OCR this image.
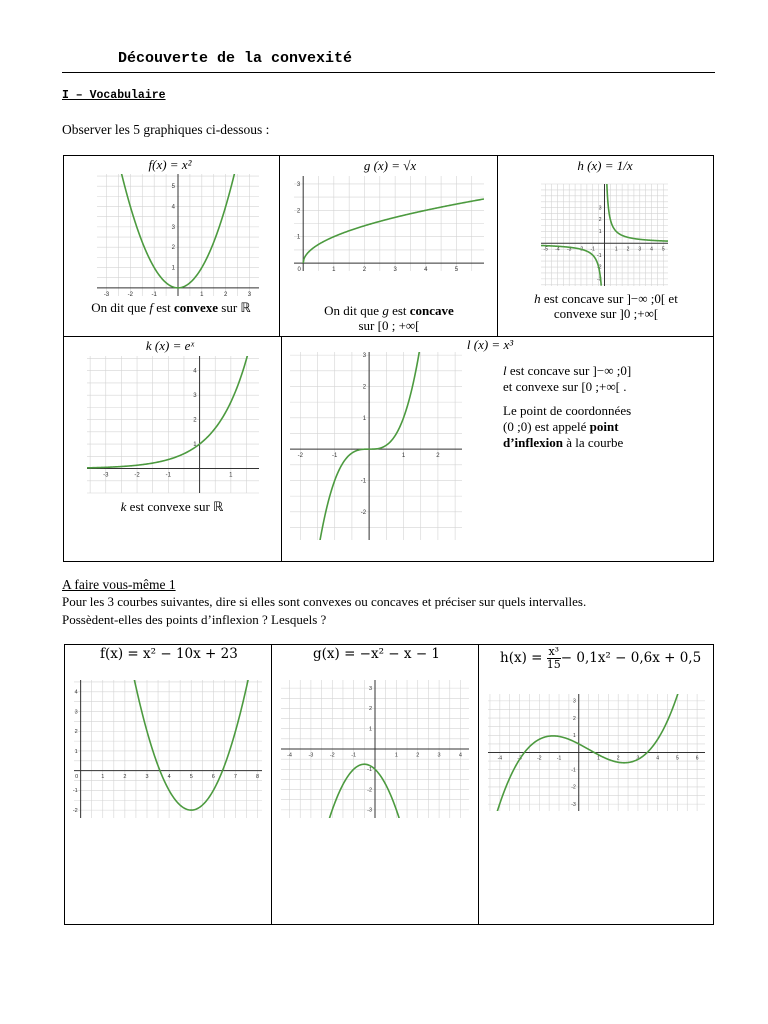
Découverte de la convexité
I – Vocabulaire
Observer les 5 graphiques ci-dessous :
f(x) = x²
-3	-2	-1	1	2	3
1
2
3
4
5
On dit que f est convexe sur ℝ
g (x) = √x
0	1	2	3	4	5
1
2
3
On dit que g est concave
sur [0 ; +∞[
h (x) = 1/x
-5 -4 -3 -2 -1	1 2 3 4 5
-3
-2
-1
1
2
3
h est concave sur ]−∞ ;0[ et
convexe sur ]0 ;+∞[
k (x) = eˣ
-3	-2	-1	1
1
2
3
4
k est convexe sur ℝ
l (x) = x³
-2	-1	1	2
-2
-1
1
2
3
l est concave sur ]−∞ ;0]
et convexe sur [0 ;+∞[ .
Le point de coordonnées
(0 ;0) est appelé point
d’inflexion à la courbe
A faire vous-même 1
Pour les 3 courbes suivantes, dire si elles sont convexes ou concaves et préciser sur quels intervalles.
Possèdent-elles des points d’inflexion ? Lesquels ?
f(x) = x² − 10x + 23
0	1	2	3	4	5	6	7	8
-2
-1
1
2
3
4
g(x) = −x² − x − 1
-4	-3	-2	-1	1	2	3	4
-3
-2
-1
1
2
3
$h(x) = \frac{\text{x³}}{15} - 0,1x^2 - 0,6x + 0,5$
-4	-3	-2	-1	1	2	3	4	5	6
-3
-2
-1
1
2
3
